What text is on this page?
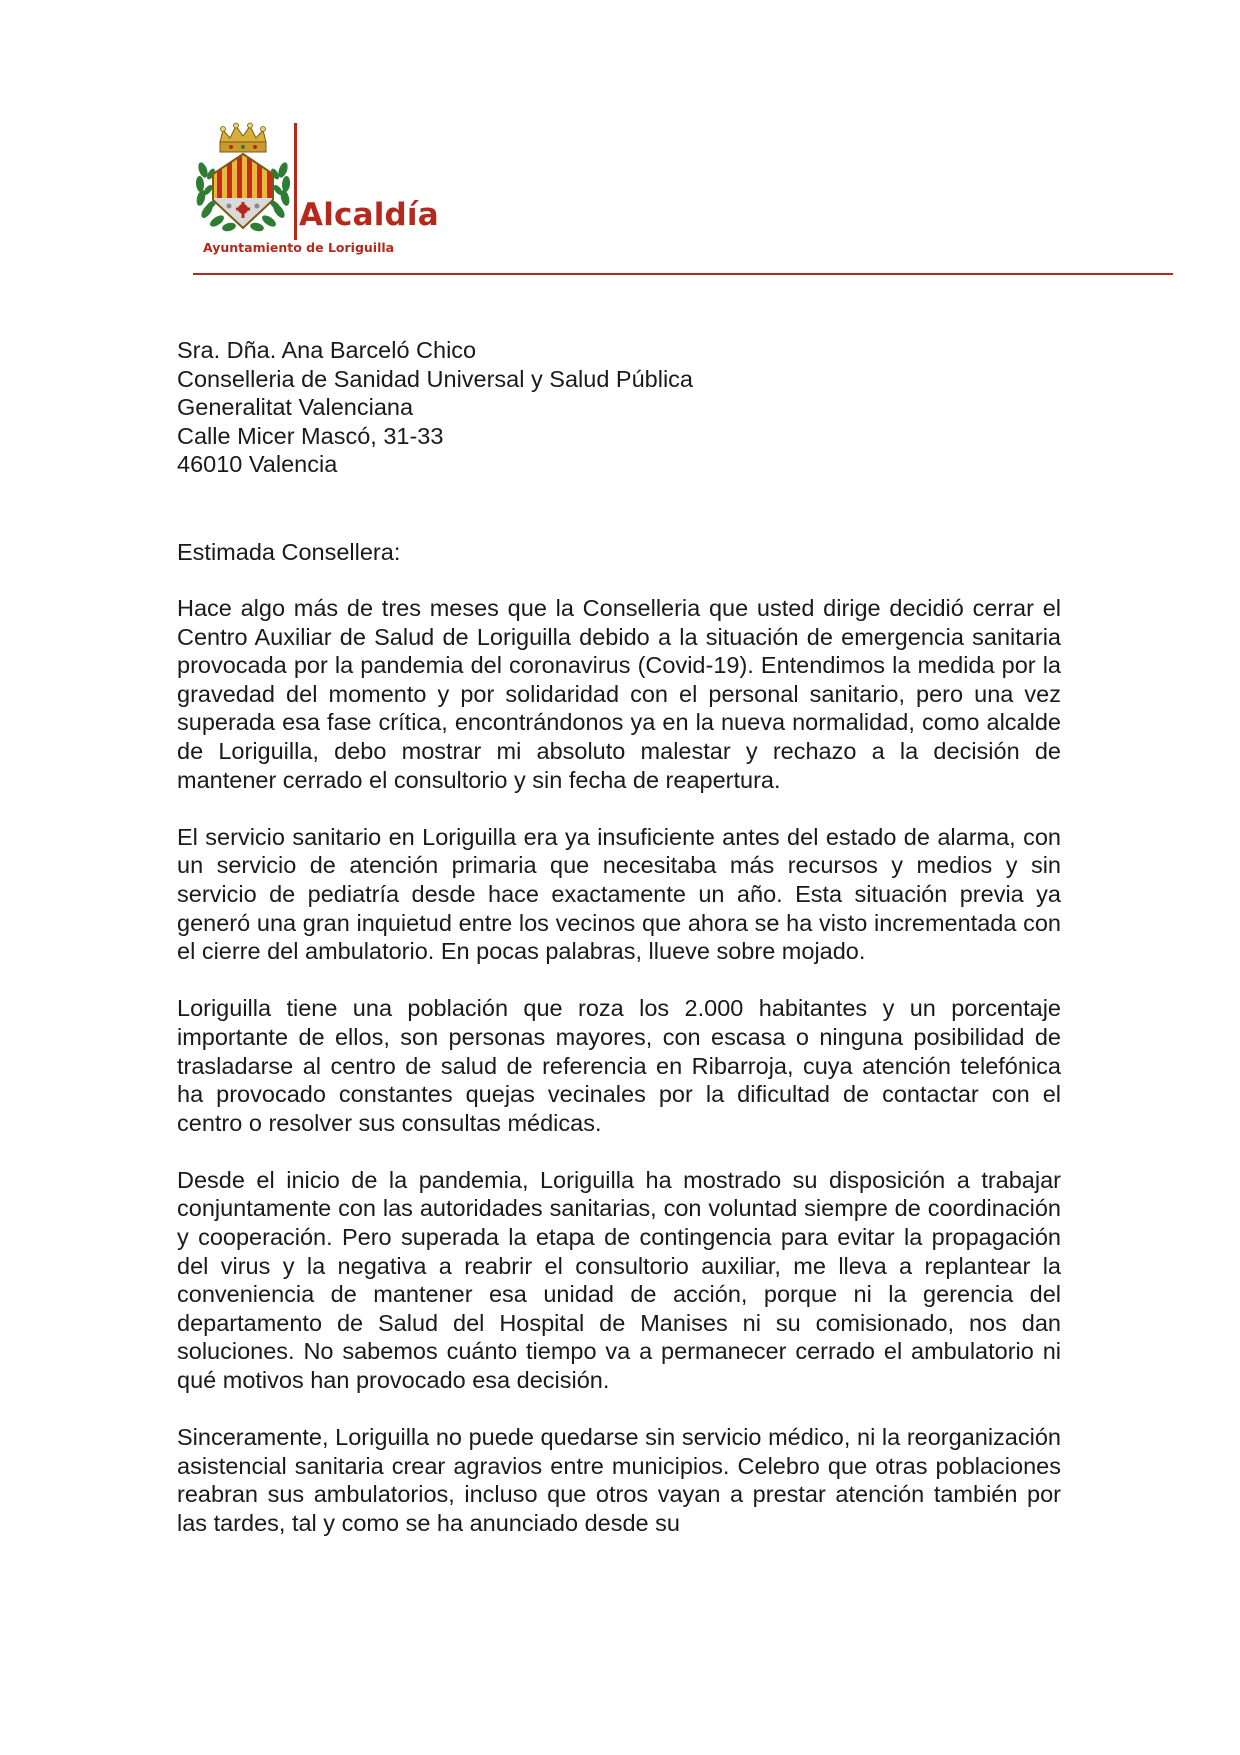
Alcaldía
Ayuntamiento de Loriguilla
Sra. Dña. Ana Barceló Chico
Conselleria de Sanidad Universal y Salud Pública
Generalitat Valenciana
Calle Micer Mascó, 31-33
46010 Valencia
Estimada Consellera:

Hace algo más de tres meses que la Conselleria que usted dirige decidió cerrar el Centro Auxiliar de Salud de Loriguilla debido a la situación de emergencia sanitaria provocada por la pandemia del coronavirus (Covid-19). Entendimos la medida por la gravedad del momento y por solidaridad con el personal sanitario, pero una vez superada esa fase crítica, encontrándonos ya en la nueva normalidad, como alcalde de Loriguilla, debo mostrar mi absoluto malestar y rechazo a la decisión de mantener cerrado el consultorio y sin fecha de reapertura.

El servicio sanitario en Loriguilla era ya insuficiente antes del estado de alarma, con un servicio de atención primaria que necesitaba más recursos y medios y sin servicio de pediatría desde hace exactamente un año. Esta situación previa ya generó una gran inquietud entre los vecinos que ahora se ha visto incrementada con el cierre del ambulatorio. En pocas palabras, llueve sobre mojado.

Loriguilla tiene una población que roza los 2.000 habitantes y un porcentaje importante de ellos, son personas mayores, con escasa o ninguna posibilidad de trasladarse al centro de salud de referencia en Ribarroja, cuya atención telefónica ha provocado constantes quejas vecinales por la dificultad de contactar con el centro o resolver sus consultas médicas.

Desde el inicio de la pandemia, Loriguilla ha mostrado su disposición a trabajar conjuntamente con las autoridades sanitarias, con voluntad siempre de coordinación y cooperación. Pero superada la etapa de contingencia para evitar la propagación del virus y la negativa a reabrir el consultorio auxiliar, me lleva a replantear la conveniencia de mantener esa unidad de acción, porque ni la gerencia del departamento de Salud del Hospital de Manises ni su comisionado, nos dan soluciones. No sabemos cuánto tiempo va a permanecer cerrado el ambulatorio ni qué motivos han provocado esa decisión.

Sinceramente, Loriguilla no puede quedarse sin servicio médico, ni la reorganización asistencial sanitaria crear agravios entre municipios. Celebro que otras poblaciones reabran sus ambulatorios, incluso que otros vayan a prestar atención también por las tardes, tal y como se ha anunciado desde su
